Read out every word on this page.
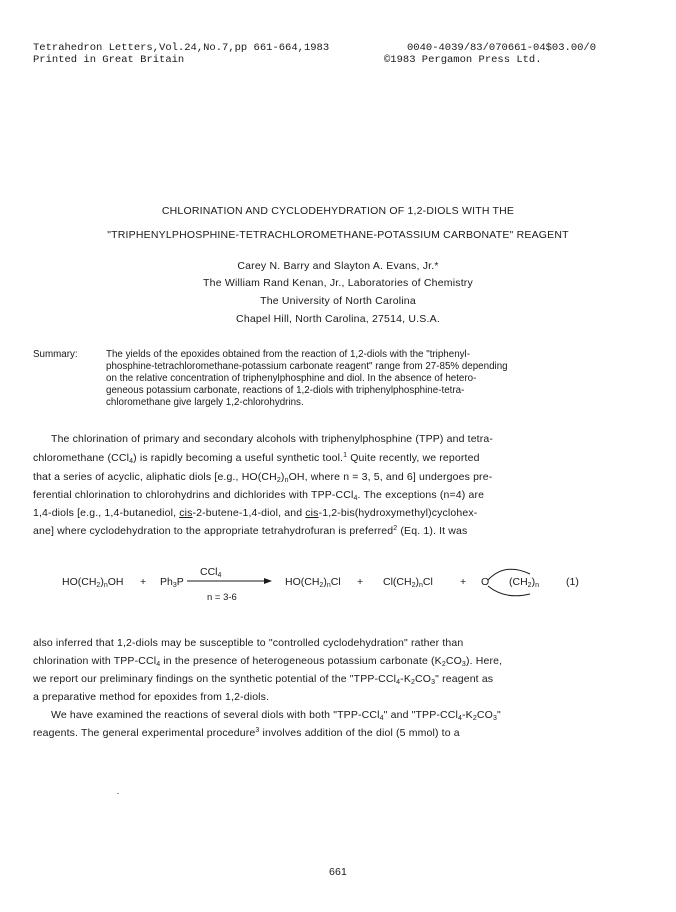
Tetrahedron Letters,Vol.24,No.7,pp 661-664,1983	0040-4039/83/070661-04$03.00/0
Printed in Great Britain	©1983 Pergamon Press Ltd.
CHLORINATION AND CYCLODEHYDRATION OF 1,2-DIOLS WITH THE
"TRIPHENYLPHOSPHINE-TETRACHLOROMETHANE-POTASSIUM CARBONATE" REAGENT
Carey N. Barry and Slayton A. Evans, Jr.*
The William Rand Kenan, Jr., Laboratories of Chemistry
The University of North Carolina
Chapel Hill, North Carolina, 27514, U.S.A.
Summary:	The yields of the epoxides obtained from the reaction of 1,2-diols with the "triphenyl-
phosphine-tetrachloromethane-potassium carbonate reagent" range from 27-85% depending
on the relative concentration of triphenylphosphine and diol. In the absence of hetero-
geneous potassium carbonate, reactions of 1,2-diols with triphenylphosphine-tetra-
chloromethane give largely 1,2-chlorohydrins.
The chlorination of primary and secondary alcohols with triphenylphosphine (TPP) and tetra-
chloromethane (CCl$_4$) is rapidly becoming a useful synthetic tool.$^1$ Quite recently, we reported
that a series of acyclic, aliphatic diols [e.g., $HO(CH_2)_nOH$, where n = 3, 5, and 6] undergoes pre-
ferential chlorination to chlorohydrins and dichlorides with TPP-CCl$_4$. The exceptions (n=4) are
1,4-diols [e.g., 1,4-butanediol, cis-2-butene-1,4-diol, and cis-1,2-bis(hydroxymethyl)cyclohex-
ane] where cyclodehydration to the appropriate tetrahydrofuran is preferred$^2$ (Eq. 1). It was
$HO(CH_2)_nOH + Ph_3P$
CCl$_4$
n = 3-6
$HO(CH_2)_nCl + Cl(CH_2)_nCl$	+ O $(CH_2)_n$	(1)
also inferred that 1,2-diols may be susceptible to "controlled cyclodehydration" rather than
chlorination with TPP-CCl$_4$ in the presence of heterogeneous potassium carbonate $(K_2CO_3)$. Here,
we report our preliminary findings on the synthetic potential of the "$TPP-CCl_4-K_2CO_3$" reagent as
a preparative method for epoxides from 1,2-diols.
We have examined the reactions of several diols with both "TPP-CCl$_4$" and "$TPP-CCl_4-K_2CO_3$"
reagents. The general experimental procedure$^3$ involves addition of the diol (5 mmol) to a
661
